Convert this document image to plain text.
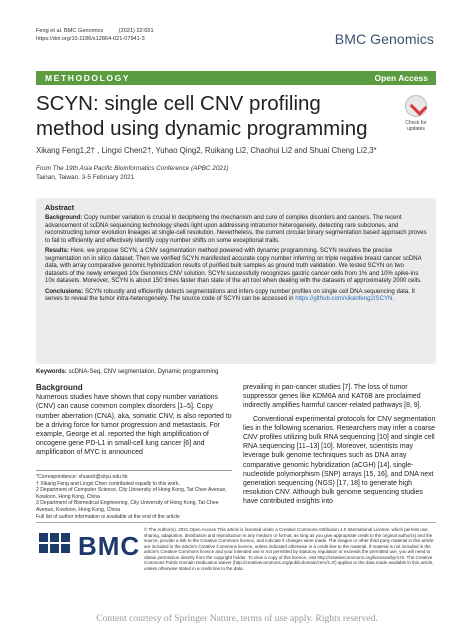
Feng et al. BMC Genomics	(2021) 22:651
https://doi.org/10.1186/s12864-021-07941-3	BMC Genomics
METHODOLOGY	Open Access
SCYN: single cell CNV profiling method using dynamic programming	Check for updates
Xikang Feng1,2† , Lingxi Chen2†, Yuhao Qing2, Ruikang Li2, Chaohui Li2 and Shuai Cheng Li2,3*
From The 19th Asia Pacific Bioinformatics Conference (APBC 2021)
Tainan, Taiwan. 3-5 February 2021
Abstract

Background: Copy number variation is crucial in deciphering the mechanism and cure of complex disorders and cancers. The recent advancement of scDNA sequencing technology sheds light upon addressing intratumor heterogeneity, detecting rare subclones, and reconstructing tumor evolution lineages at single-cell resolution. Nevertheless, the current circular binary segmentation based approach proves to fail to efficiently and effectively identify copy number shifts on some exceptional trails.

Results: Here, we propose SCYN, a CNV segmentation method powered with dynamic programming. SCYN resolves the precise segmentation on in silico dataset. Then we verified SCYN manifested accurate copy number inferring on triple negative breast cancer scDNA data, with array comparative genomic hybridization results of purified bulk samples as ground truth validation. We tested SCYN on two datasets of the newly emerged 10x Genomics CNV solution. SCYN successfully recognizes gastric cancer cells from 1% and 10% spike-ins 10x datasets. Moreover, SCYN is about 150 times faster than state of the art tool when dealing with the datasets of approximately 2000 cells.

Conclusions: SCYN robustly and efficiently detects segmentations and infers copy number profiles on single cell DNA sequencing data. It serves to reveal the tumor intra-heterogeneity. The source code of SCYN can be accessed in https://github.com/xikanfeng2/SCYN.

Keywords: scDNA-Seq, CNV segmentation, Dynamic programming
Background

Numerous studies have shown that copy number variations (CNV) can cause common complex disorders [1–5]. Copy number aberration (CNA), aka, somatic CNV, is also reported to be a driving force for tumor progression and metastasis. For example, George et al. reported the high amplification of oncogene gene PD-L1 in small-cell lung cancer [6] and amplification of MYC is announced

prevailing in pan-cancer studies [7]. The loss of tumor suppressor genes like KDM6A and KAT6B are proclaimed indirectly amplifies harmful cancer-related pathways [8, 9].

Conventional experimental protocols for CNV segmentation lies in the following scenarios. Researchers may infer a coarse CNV profiles utilizing bulk RNA sequencing [10] and single cell RNA sequencing [11–13] [10]. Moreover, scientists may leverage bulk genome techniques such as DNA array comparative genomic hybridization (aCGH) [14], single-nucleotide polymorphism (SNP) arrays [15, 16], and DNA next generation sequencing (NGS) [17, 18] to generate high resolution CNV. Although bulk genome sequencing studies have contributed insights into

*Correspondence: shuaicli@cityu.edu.hk
† Xikang Feng and Lingxi Chen contributed equally to this work.
2 Department of Computer Science, City University of Hong Kong, Tat Chee Avenue, Kowloon, Hong Kong, China
3 Department of Biomedical Engineering, City University of Hong Kong, Tat Chee Avenue, Kowloon, Hong Kong, China
Full list of author information is available at the end of the article
BMC
© The Author(s). 2021 Open Access This article is licensed under a Creative Commons Attribution 4.0 International License, which permits use, sharing, adaptation, distribution and reproduction in any medium or format, as long as you give appropriate credit to the original author(s) and the source, provide a link to the Creative Commons licence, and indicate if changes were made. The images or other third party material in this article are included in the article's Creative Commons licence, unless indicated otherwise in a credit line to the material. If material is not included in the article's Creative Commons licence and your intended use is not permitted by statutory regulation or exceeds the permitted use, you will need to obtain permission directly from the copyright holder. To view a copy of this licence, visit http://creativecommons.org/licenses/by/4.0/. The Creative Commons Public Domain Dedication waiver (http://creativecommons.org/publicdomain/zero/1.0/) applies to the data made available in this article, unless otherwise stated in a credit line to the data.
Content courtesy of Springer Nature, terms of use apply. Rights reserved.
